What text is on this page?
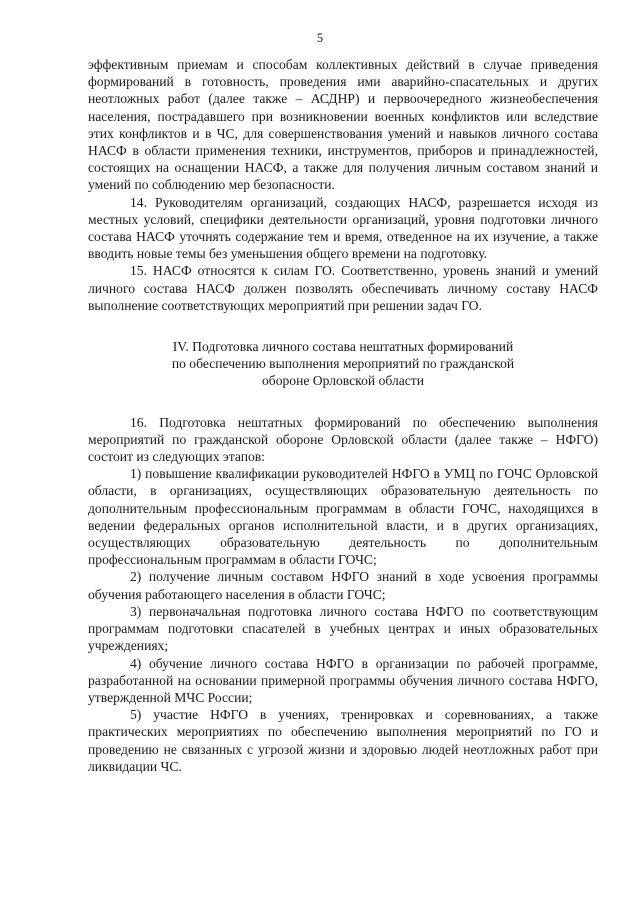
5

эффективным приемам и способам коллективных действий в случае приведения формирований в готовность, проведения ими аварийно-спасательных и других неотложных работ (далее также – АСДНР) и первоочередного жизнеобеспечения населения, пострадавшего при возникновении военных конфликтов или вследствие этих конфликтов и в ЧС, для совершенствования умений и навыков личного состава НАСФ в области применения техники, инструментов, приборов и принадлежностей, состоящих на оснащении НАСФ, а также для получения личным составом знаний и умений по соблюдению мер безопасности.

14. Руководителям организаций, создающих НАСФ, разрешается исходя из местных условий, специфики деятельности организаций, уровня подготовки личного состава НАСФ уточнять содержание тем и время, отведенное на их изучение, а также вводить новые темы без уменьшения общего времени на подготовку.

15. НАСФ относятся к силам ГО. Соответственно, уровень знаний и умений личного состава НАСФ должен позволять обеспечивать личному составу НАСФ выполнение соответствующих мероприятий при решении задач ГО.

IV. Подготовка личного состава нештатных формирований
по обеспечению выполнения мероприятий по гражданской
обороне Орловской области

16. Подготовка нештатных формирований по обеспечению выполнения мероприятий по гражданской обороне Орловской области (далее также – НФГО) состоит из следующих этапов:

1) повышение квалификации руководителей НФГО в УМЦ по ГОЧС Орловской области, в организациях, осуществляющих образовательную деятельность по дополнительным профессиональным программам в области ГОЧС, находящихся в ведении федеральных органов исполнительной власти, и в других организациях, осуществляющих образовательную деятельность по дополнительным профессиональным программам в области ГОЧС;

2) получение личным составом НФГО знаний в ходе усвоения программы обучения работающего населения в области ГОЧС;

3) первоначальная подготовка личного состава НФГО по соответствующим программам подготовки спасателей в учебных центрах и иных образовательных учреждениях;

4) обучение личного состава НФГО в организации по рабочей программе, разработанной на основании примерной программы обучения личного состава НФГО, утвержденной МЧС России;

5) участие НФГО в учениях, тренировках и соревнованиях, а также практических мероприятиях по обеспечению выполнения мероприятий по ГО и проведению не связанных с угрозой жизни и здоровью людей неотложных работ при ликвидации ЧС.
